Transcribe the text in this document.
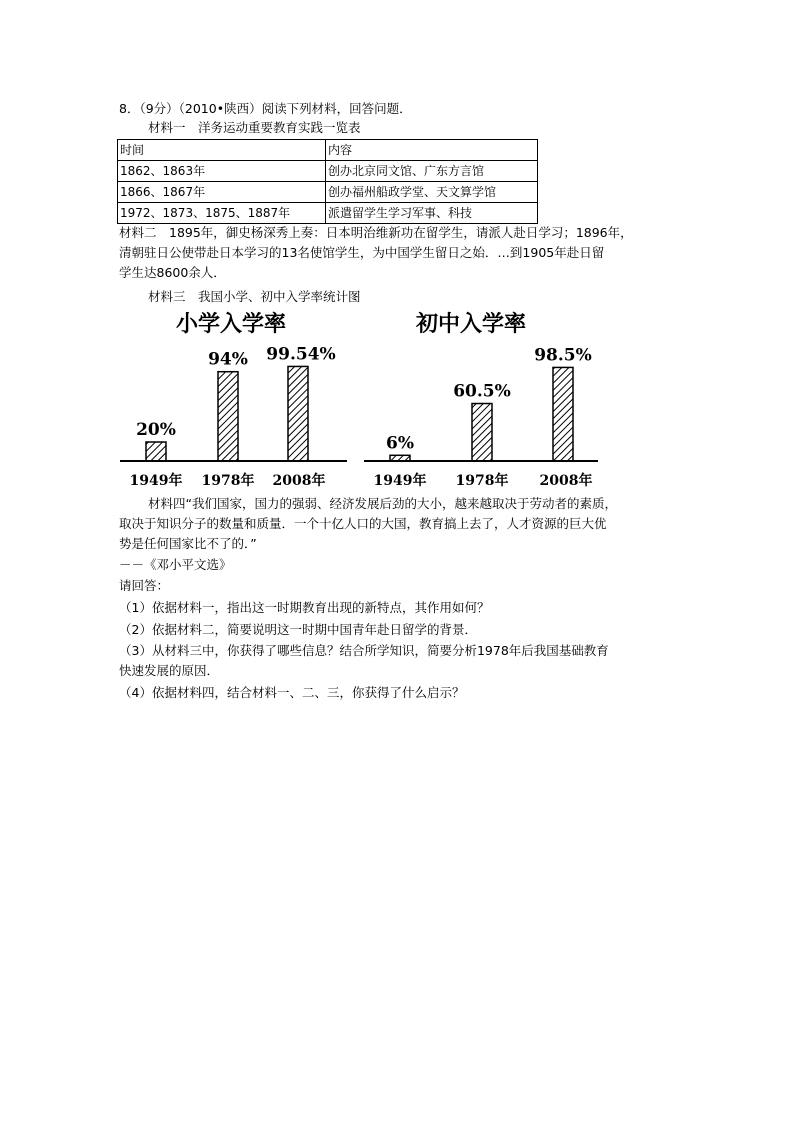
8．（9分）（2010•陕西）阅读下列材料，回答问题．
材料一　洋务运动重要教育实践一览表
时间	内容
1862、1863年	创办北京同文馆、广东方言馆
1866、1867年	创办福州船政学堂、天文算学馆
1972、1873、1875、1887年	派遣留学生学习军事、科技
材料二　1895年，御史杨深秀上奏：日本明治维新功在留学生，请派人赴日学习；1896年，
清朝驻日公使带赴日本学习的13名使馆学生，为中国学生留日之始．…到1905年赴日留
学生达8600余人．
材料三　我国小学、初中入学率统计图
小学入学率
20%
1949年
94%
1978年
99.54%
2008年
初中入学率
6%
1949年
60.5%
1978年
98.5%
2008年
材料四“我们国家，国力的强弱、经济发展后劲的大小，越来越取决于劳动者的素质，
取决于知识分子的数量和质量．一个十亿人口的大国，教育搞上去了，人才资源的巨大优
势是任何国家比不了的．”
－－《邓小平文选》
请回答：
（1）依据材料一，指出这一时期教育出现的新特点，其作用如何？
（2）依据材料二，简要说明这一时期中国青年赴日留学的背景．
（3）从材料三中，你获得了哪些信息？结合所学知识，简要分析1978年后我国基础教育
快速发展的原因．
（4）依据材料四，结合材料一、二、三，你获得了什么启示？
